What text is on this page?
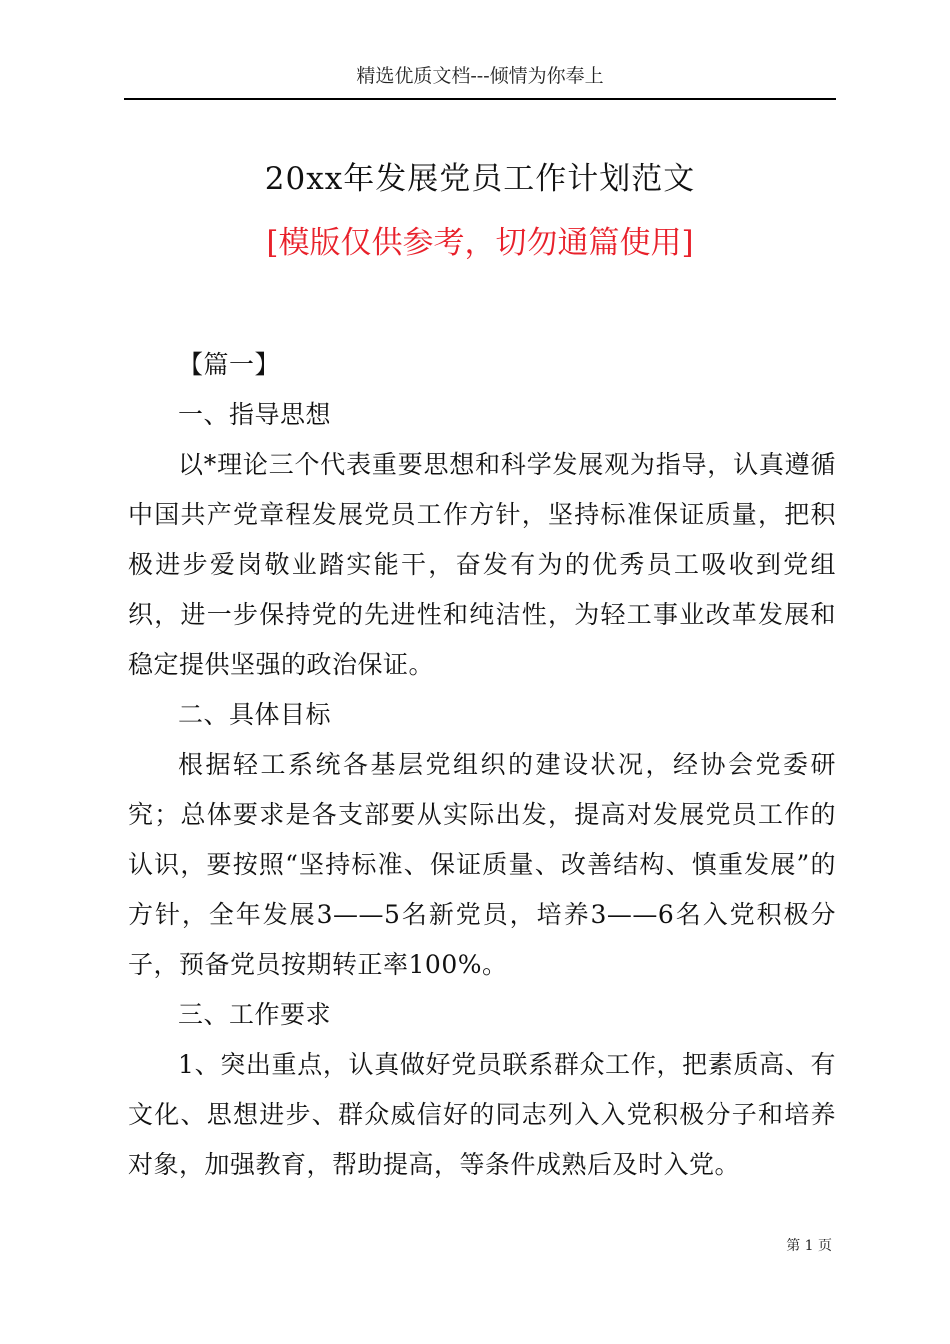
精选优质文档---倾情为你奉上
20xx年发展党员工作计划范文
[模版仅供参考，切勿通篇使用]

【篇一】

一、指导思想

以*理论三个代表重要思想和科学发展观为指导，认真遵循中国共产党章程发展党员工作方针，坚持标准保证质量，把积极进步爱岗敬业踏实能干，奋发有为的优秀员工吸收到党组织，进一步保持党的先进性和纯洁性，为轻工事业改革发展和稳定提供坚强的政治保证。

二、具体目标

根据轻工系统各基层党组织的建设状况，经协会党委研究；总体要求是各支部要从实际出发，提高对发展党员工作的认识，要按照“坚持标准、保证质量、改善结构、慎重发展”的方针，全年发展3——5名新党员，培养3——6名入党积极分子，预备党员按期转正率100%。

三、工作要求

1、突出重点，认真做好党员联系群众工作，把素质高、有文化、思想进步、群众威信好的同志列入入党积极分子和培养对象，加强教育，帮助提高，等条件成熟后及时入党。

第 1 页
